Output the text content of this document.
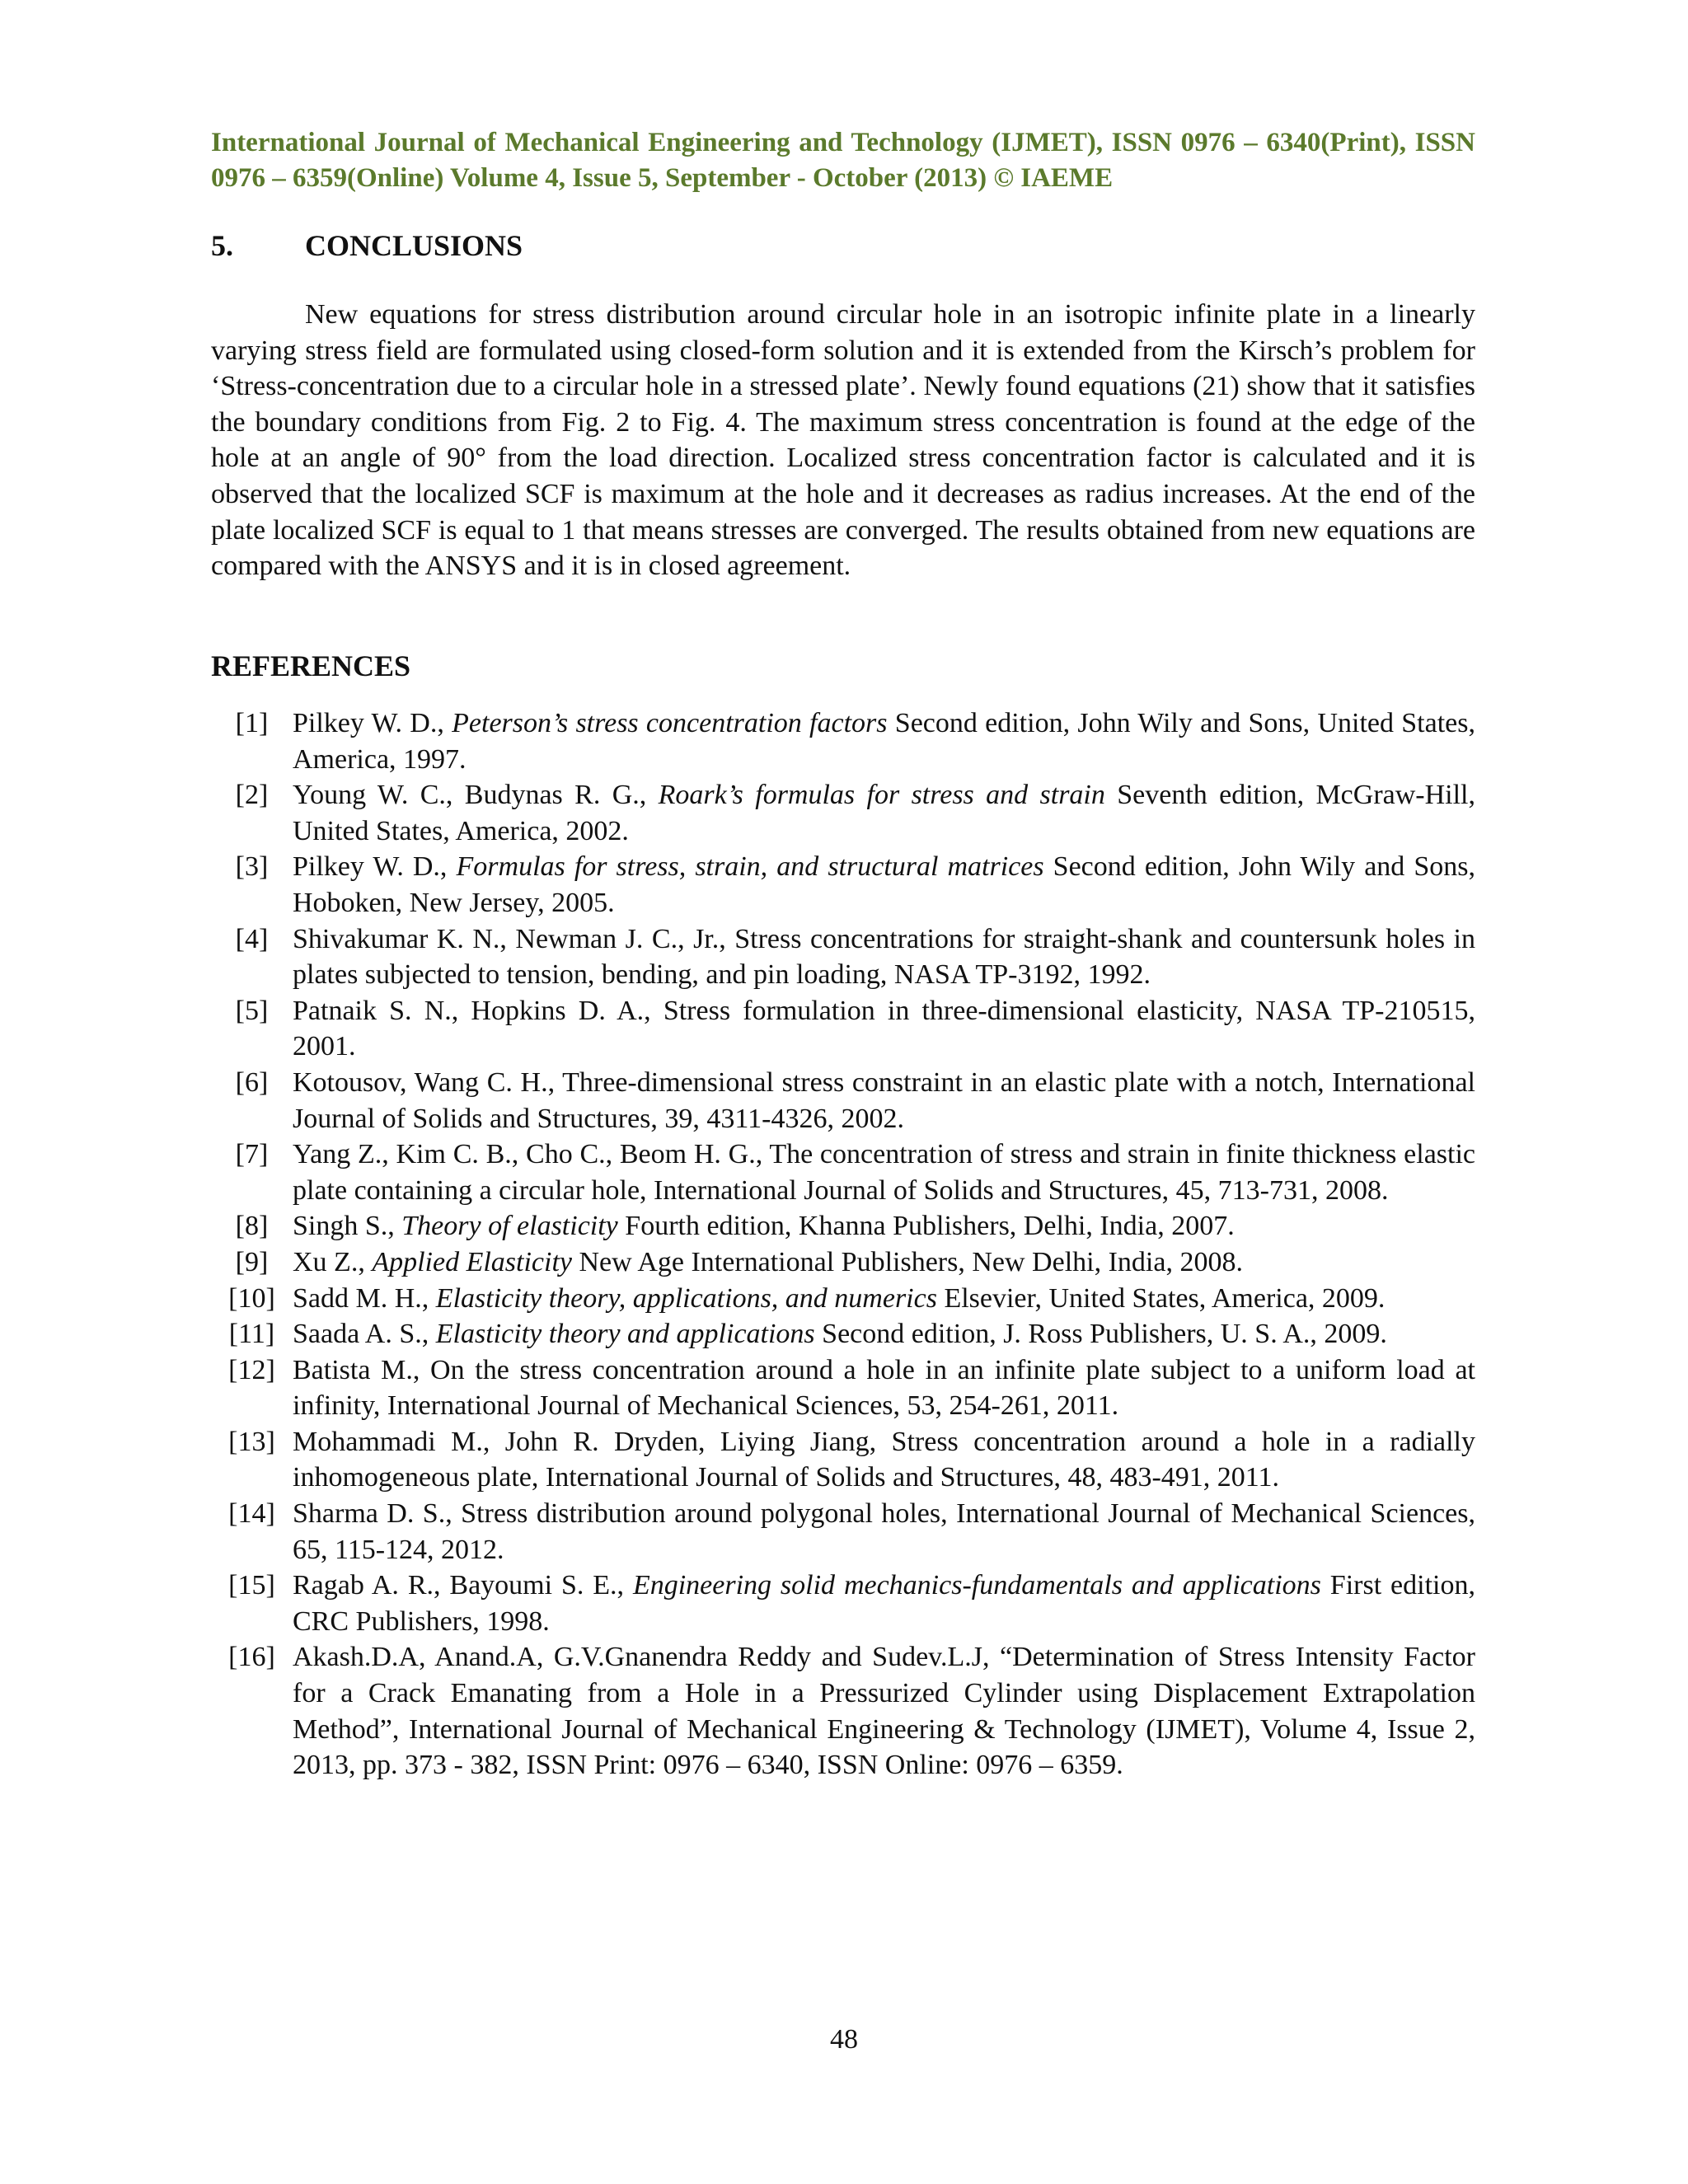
International Journal of Mechanical Engineering and Technology (IJMET), ISSN 0976 – 6340(Print), ISSN 0976 – 6359(Online) Volume 4, Issue 5, September - October (2013) © IAEME
5. CONCLUSIONS

New equations for stress distribution around circular hole in an isotropic infinite plate in a linearly varying stress field are formulated using closed-form solution and it is extended from the Kirsch’s problem for ‘Stress-concentration due to a circular hole in a stressed plate’. Newly found equations (21) show that it satisfies the boundary conditions from Fig. 2 to Fig. 4. The maximum stress concentration is found at the edge of the hole at an angle of 90° from the load direction. Localized stress concentration factor is calculated and it is observed that the localized SCF is maximum at the hole and it decreases as radius increases. At the end of the plate localized SCF is equal to 1 that means stresses are converged. The results obtained from new equations are compared with the ANSYS and it is in closed agreement.

REFERENCES
[1] Pilkey W. D., Peterson’s stress concentration factors Second edition, John Wily and Sons, United States, America, 1997.
[2] Young W. C., Budynas R. G., Roark’s formulas for stress and strain Seventh edition, McGraw-Hill, United States, America, 2002.
[3] Pilkey W. D., Formulas for stress, strain, and structural matrices Second edition, John Wily and Sons, Hoboken, New Jersey, 2005.
[4] Shivakumar K. N., Newman J. C., Jr., Stress concentrations for straight-shank and countersunk holes in plates subjected to tension, bending, and pin loading, NASA TP-3192, 1992.
[5] Patnaik S. N., Hopkins D. A., Stress formulation in three-dimensional elasticity, NASA TP-210515, 2001.
[6] Kotousov, Wang C. H., Three-dimensional stress constraint in an elastic plate with a notch, International Journal of Solids and Structures, 39, 4311-4326, 2002.
[7] Yang Z., Kim C. B., Cho C., Beom H. G., The concentration of stress and strain in finite thickness elastic plate containing a circular hole, International Journal of Solids and Structures, 45, 713-731, 2008.
[8] Singh S., Theory of elasticity Fourth edition, Khanna Publishers, Delhi, India, 2007.
[9] Xu Z., Applied Elasticity New Age International Publishers, New Delhi, India, 2008.
[10] Sadd M. H., Elasticity theory, applications, and numerics Elsevier, United States, America, 2009.
[11] Saada A. S., Elasticity theory and applications Second edition, J. Ross Publishers, U. S. A., 2009.
[12] Batista M., On the stress concentration around a hole in an infinite plate subject to a uniform load at infinity, International Journal of Mechanical Sciences, 53, 254-261, 2011.
[13] Mohammadi M., John R. Dryden, Liying Jiang, Stress concentration around a hole in a radially inhomogeneous plate, International Journal of Solids and Structures, 48, 483-491, 2011.
[14] Sharma D. S., Stress distribution around polygonal holes, International Journal of Mechanical Sciences, 65, 115-124, 2012.
[15] Ragab A. R., Bayoumi S. E., Engineering solid mechanics-fundamentals and applications First edition, CRC Publishers, 1998.
[16] Akash.D.A, Anand.A, G.V.Gnanendra Reddy and Sudev.L.J, “Determination of Stress Intensity Factor for a Crack Emanating from a Hole in a Pressurized Cylinder using Displacement Extrapolation Method”, International Journal of Mechanical Engineering & Technology (IJMET), Volume 4, Issue 2, 2013, pp. 373 - 382, ISSN Print: 0976 – 6340, ISSN Online: 0976 – 6359.
48
